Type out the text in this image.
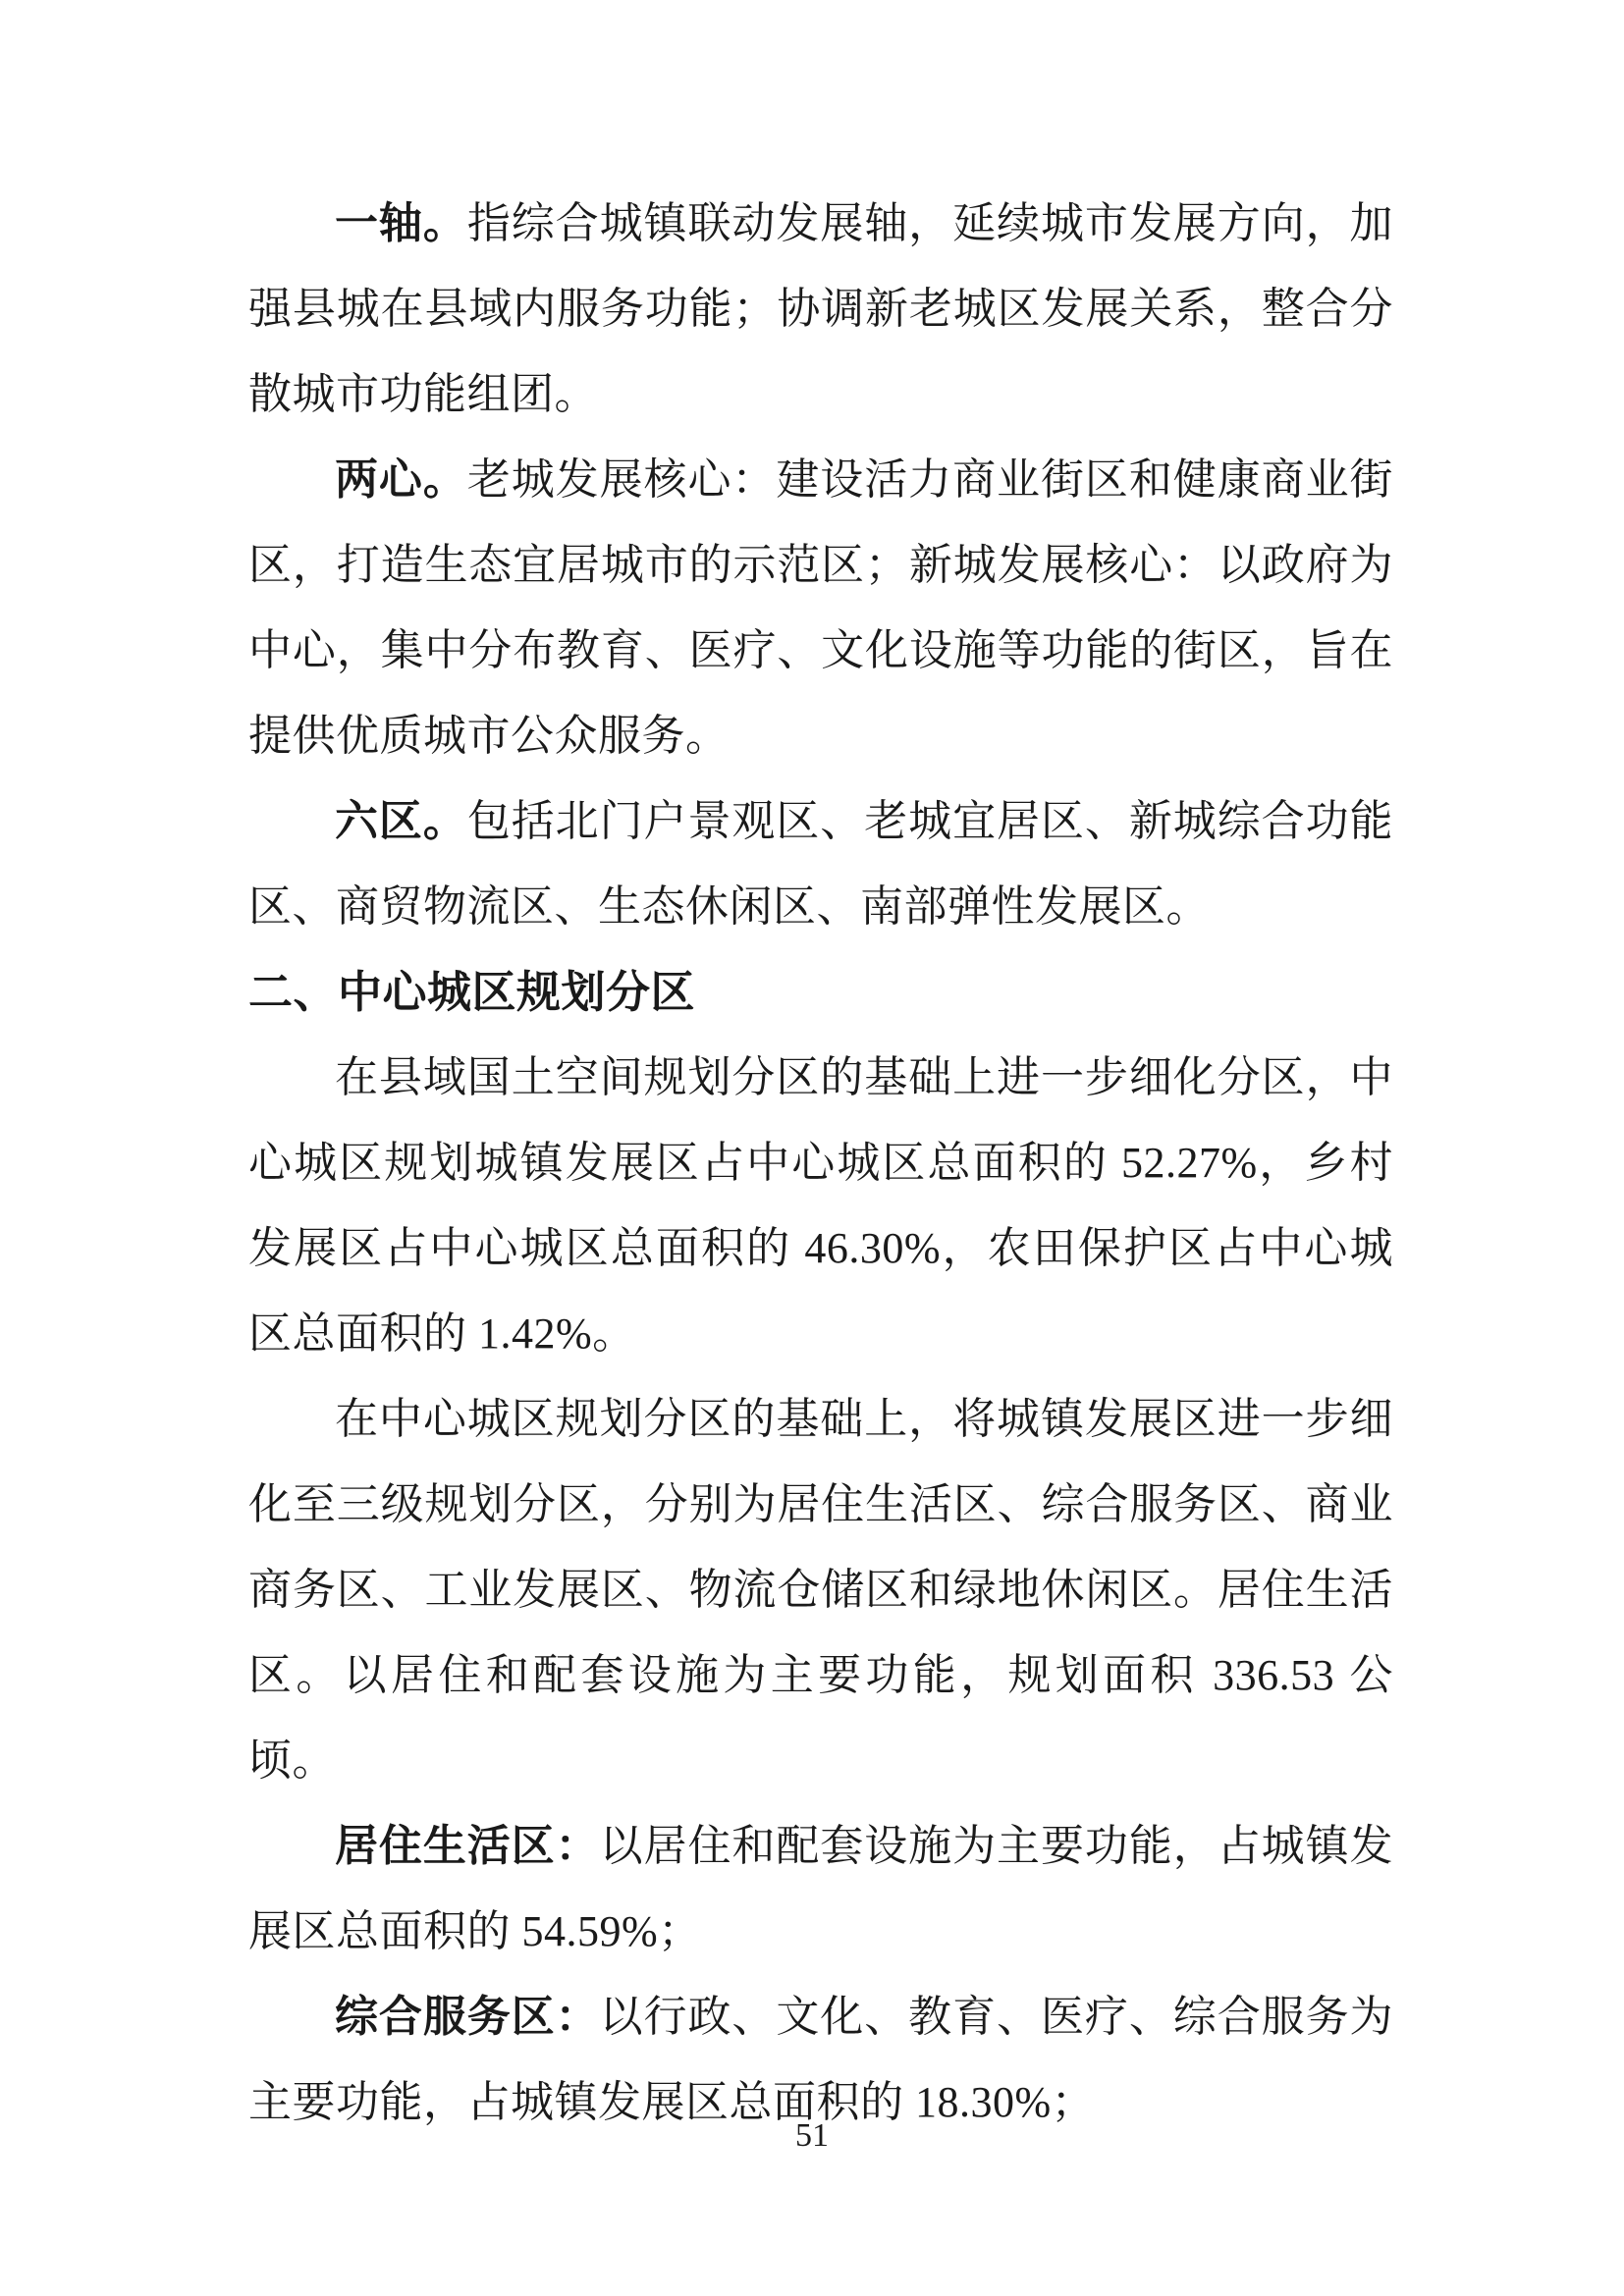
一轴。指综合城镇联动发展轴，延续城市发展方向，加强县城在县域内服务功能；协调新老城区发展关系，整合分散城市功能组团。

两心。老城发展核心：建设活力商业街区和健康商业街区，打造生态宜居城市的示范区；新城发展核心：以政府为中心，集中分布教育、医疗、文化设施等功能的街区，旨在提供优质城市公众服务。

六区。包括北门户景观区、老城宜居区、新城综合功能区、商贸物流区、生态休闲区、南部弹性发展区。

二、中心城区规划分区

在县域国土空间规划分区的基础上进一步细化分区，中心城区规划城镇发展区占中心城区总面积的 52.27%，乡村发展区占中心城区总面积的 46.30%，农田保护区占中心城区总面积的 1.42%。

在中心城区规划分区的基础上，将城镇发展区进一步细化至三级规划分区，分别为居住生活区、综合服务区、商业商务区、工业发展区、物流仓储区和绿地休闲区。居住生活区。以居住和配套设施为主要功能，规划面积 336.53 公顷。

居住生活区：以居住和配套设施为主要功能，占城镇发展区总面积的 54.59%；

综合服务区：以行政、文化、教育、医疗、综合服务为主要功能，占城镇发展区总面积的 18.30%；

51
